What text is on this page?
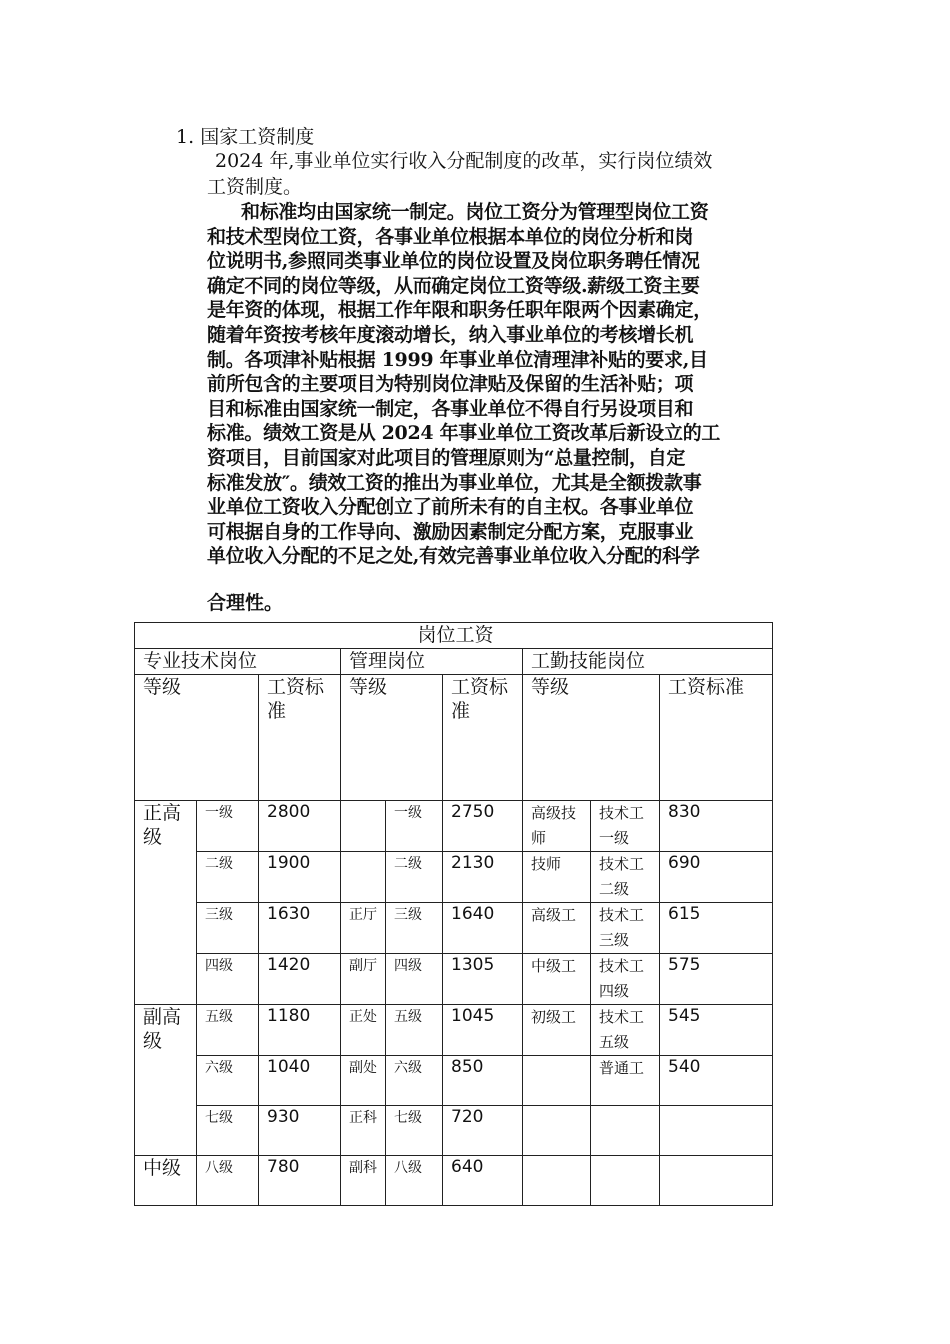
1. 国家工资制度
2024 年,事业单位实行收入分配制度的改革，实行岗位绩效
工资制度。
和标准均由国家统一制定。岗位工资分为管理型岗位工资
和技术型岗位工资，各事业单位根据本单位的岗位分析和岗
位说明书,参照同类事业单位的岗位设置及岗位职务聘任情况
确定不同的岗位等级，从而确定岗位工资等级.薪级工资主要
是年资的体现，根据工作年限和职务任职年限两个因素确定，
随着年资按考核年度滚动增长，纳入事业单位的考核增长机
制。各项津补贴根据 1999 年事业单位清理津补贴的要求,目
前所包含的主要项目为特别岗位津贴及保留的生活补贴；项
目和标准由国家统一制定，各事业单位不得自行另设项目和
标准。绩效工资是从 2024 年事业单位工资改革后新设立的工
资项目，目前国家对此项目的管理原则为“总量控制，自定
标准发放″。绩效工资的推出为事业单位，尤其是全额拨款事
业单位工资收入分配创立了前所未有的自主权。各事业单位
可根据自身的工作导向、激励因素制定分配方案，克服事业
单位收入分配的不足之处,有效完善事业单位收入分配的科学
合理性。
岗位工资								
专业技术岗位			管理岗位			工勤技能岗位		
等级		工资标准	等级		工资标准	等级		工资标准
正高级	一级	2800		一级	2750	高级技师	技术工一级	830
	二级	1900		二级	2130	技师	技术工二级	690
	三级	1630	正厅	三级	1640	高级工	技术工三级	615
	四级	1420	副厅	四级	1305	中级工	技术工四级	575
副高级	五级	1180	正处	五级	1045	初级工	技术工五级	545
	六级	1040	副处	六级	850		普通工	540
	七级	930	正科	七级	720			
中级	八级	780	副科	八级	640			
